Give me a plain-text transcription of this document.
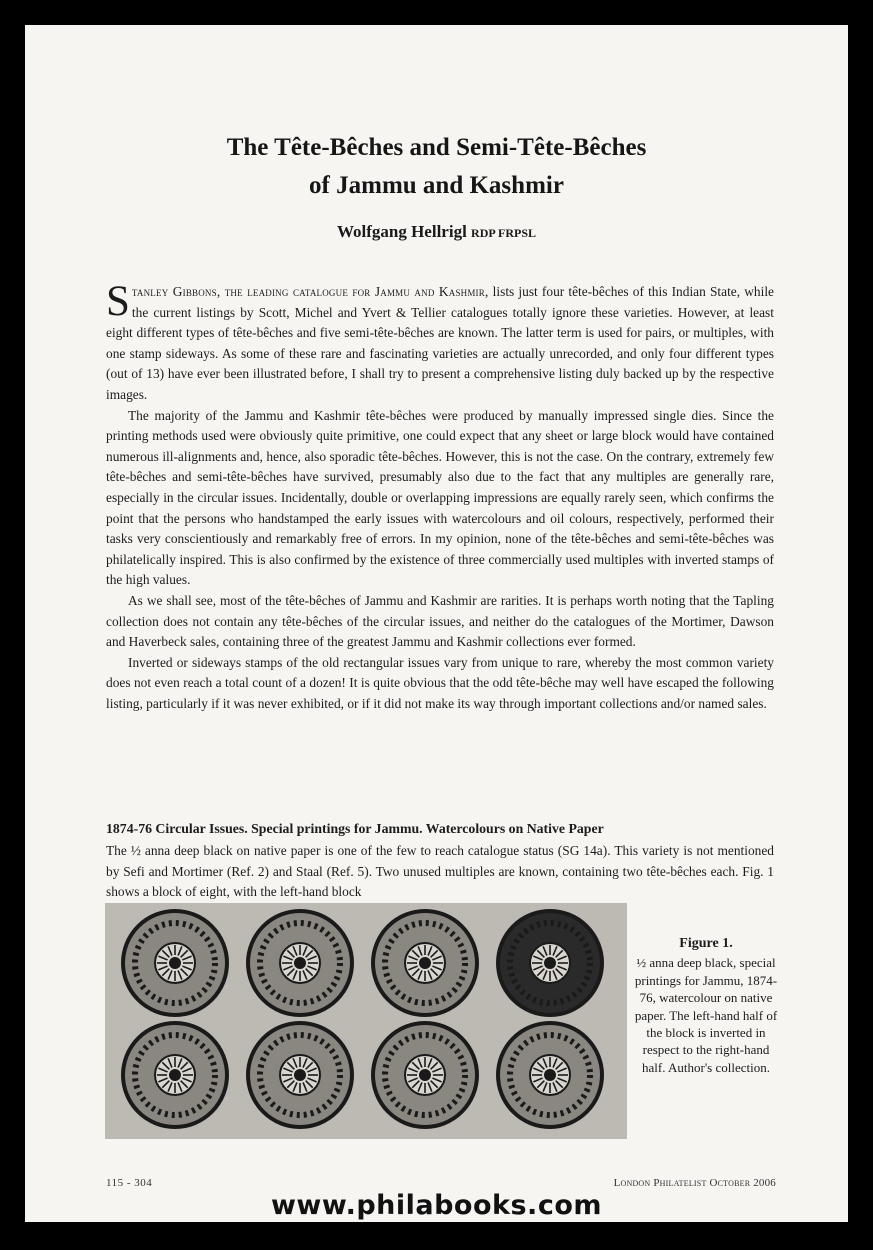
The Tête-Bêches and Semi-Tête-Bêches
of Jammu and Kashmir
Wolfgang Hellrigl RDP FRPSL

Stanley Gibbons, the leading catalogue for Jammu and Kashmir, lists just four tête-bêches of this Indian State, while the current listings by Scott, Michel and Yvert & Tellier catalogues totally ignore these varieties. However, at least eight different types of tête-bêches and five semi-tête-bêches are known. The latter term is used for pairs, or multiples, with one stamp sideways. As some of these rare and fascinating varieties are actually unrecorded, and only four different types (out of 13) have ever been illustrated before, I shall try to present a comprehensive listing duly backed up by the respective images.

The majority of the Jammu and Kashmir tête-bêches were produced by manually impressed single dies. Since the printing methods used were obviously quite primitive, one could expect that any sheet or large block would have contained numerous ill-alignments and, hence, also sporadic tête-bêches. However, this is not the case. On the contrary, extremely few tête-bêches and semi-tête-bêches have survived, presumably also due to the fact that any multiples are generally rare, especially in the circular issues. Incidentally, double or overlapping impressions are equally rarely seen, which confirms the point that the persons who handstamped the early issues with watercolours and oil colours, respectively, performed their tasks very conscientiously and remarkably free of errors. In my opinion, none of the tête-bêches and semi-tête-bêches was philatelically inspired. This is also confirmed by the existence of three commercially used multiples with inverted stamps of the high values.

As we shall see, most of the tête-bêches of Jammu and Kashmir are rarities. It is perhaps worth noting that the Tapling collection does not contain any tête-bêches of the circular issues, and neither do the catalogues of the Mortimer, Dawson and Haverbeck sales, containing three of the greatest Jammu and Kashmir collections ever formed.

Inverted or sideways stamps of the old rectangular issues vary from unique to rare, whereby the most common variety does not even reach a total count of a dozen! It is quite obvious that the odd tête-bêche may well have escaped the following listing, particularly if it was never exhibited, or if it did not make its way through important collections and/or named sales.

1874-76 Circular Issues. Special printings for Jammu. Watercolours on Native Paper

The ½ anna deep black on native paper is one of the few to reach catalogue status (SG 14a). This variety is not mentioned by Sefi and Mortimer (Ref. 2) and Staal (Ref. 5). Two unused multiples are known, containing two tête-bêches each. Fig. 1 shows a block of eight, with the left-hand block

Figure 1.
½ anna deep black, special printings for Jammu, 1874-76, watercolour on native paper. The left-hand half of the block is inverted in respect to the right-hand half. Author's collection.
115 - 304	London Philatelist October 2006
www.philabooks.com
